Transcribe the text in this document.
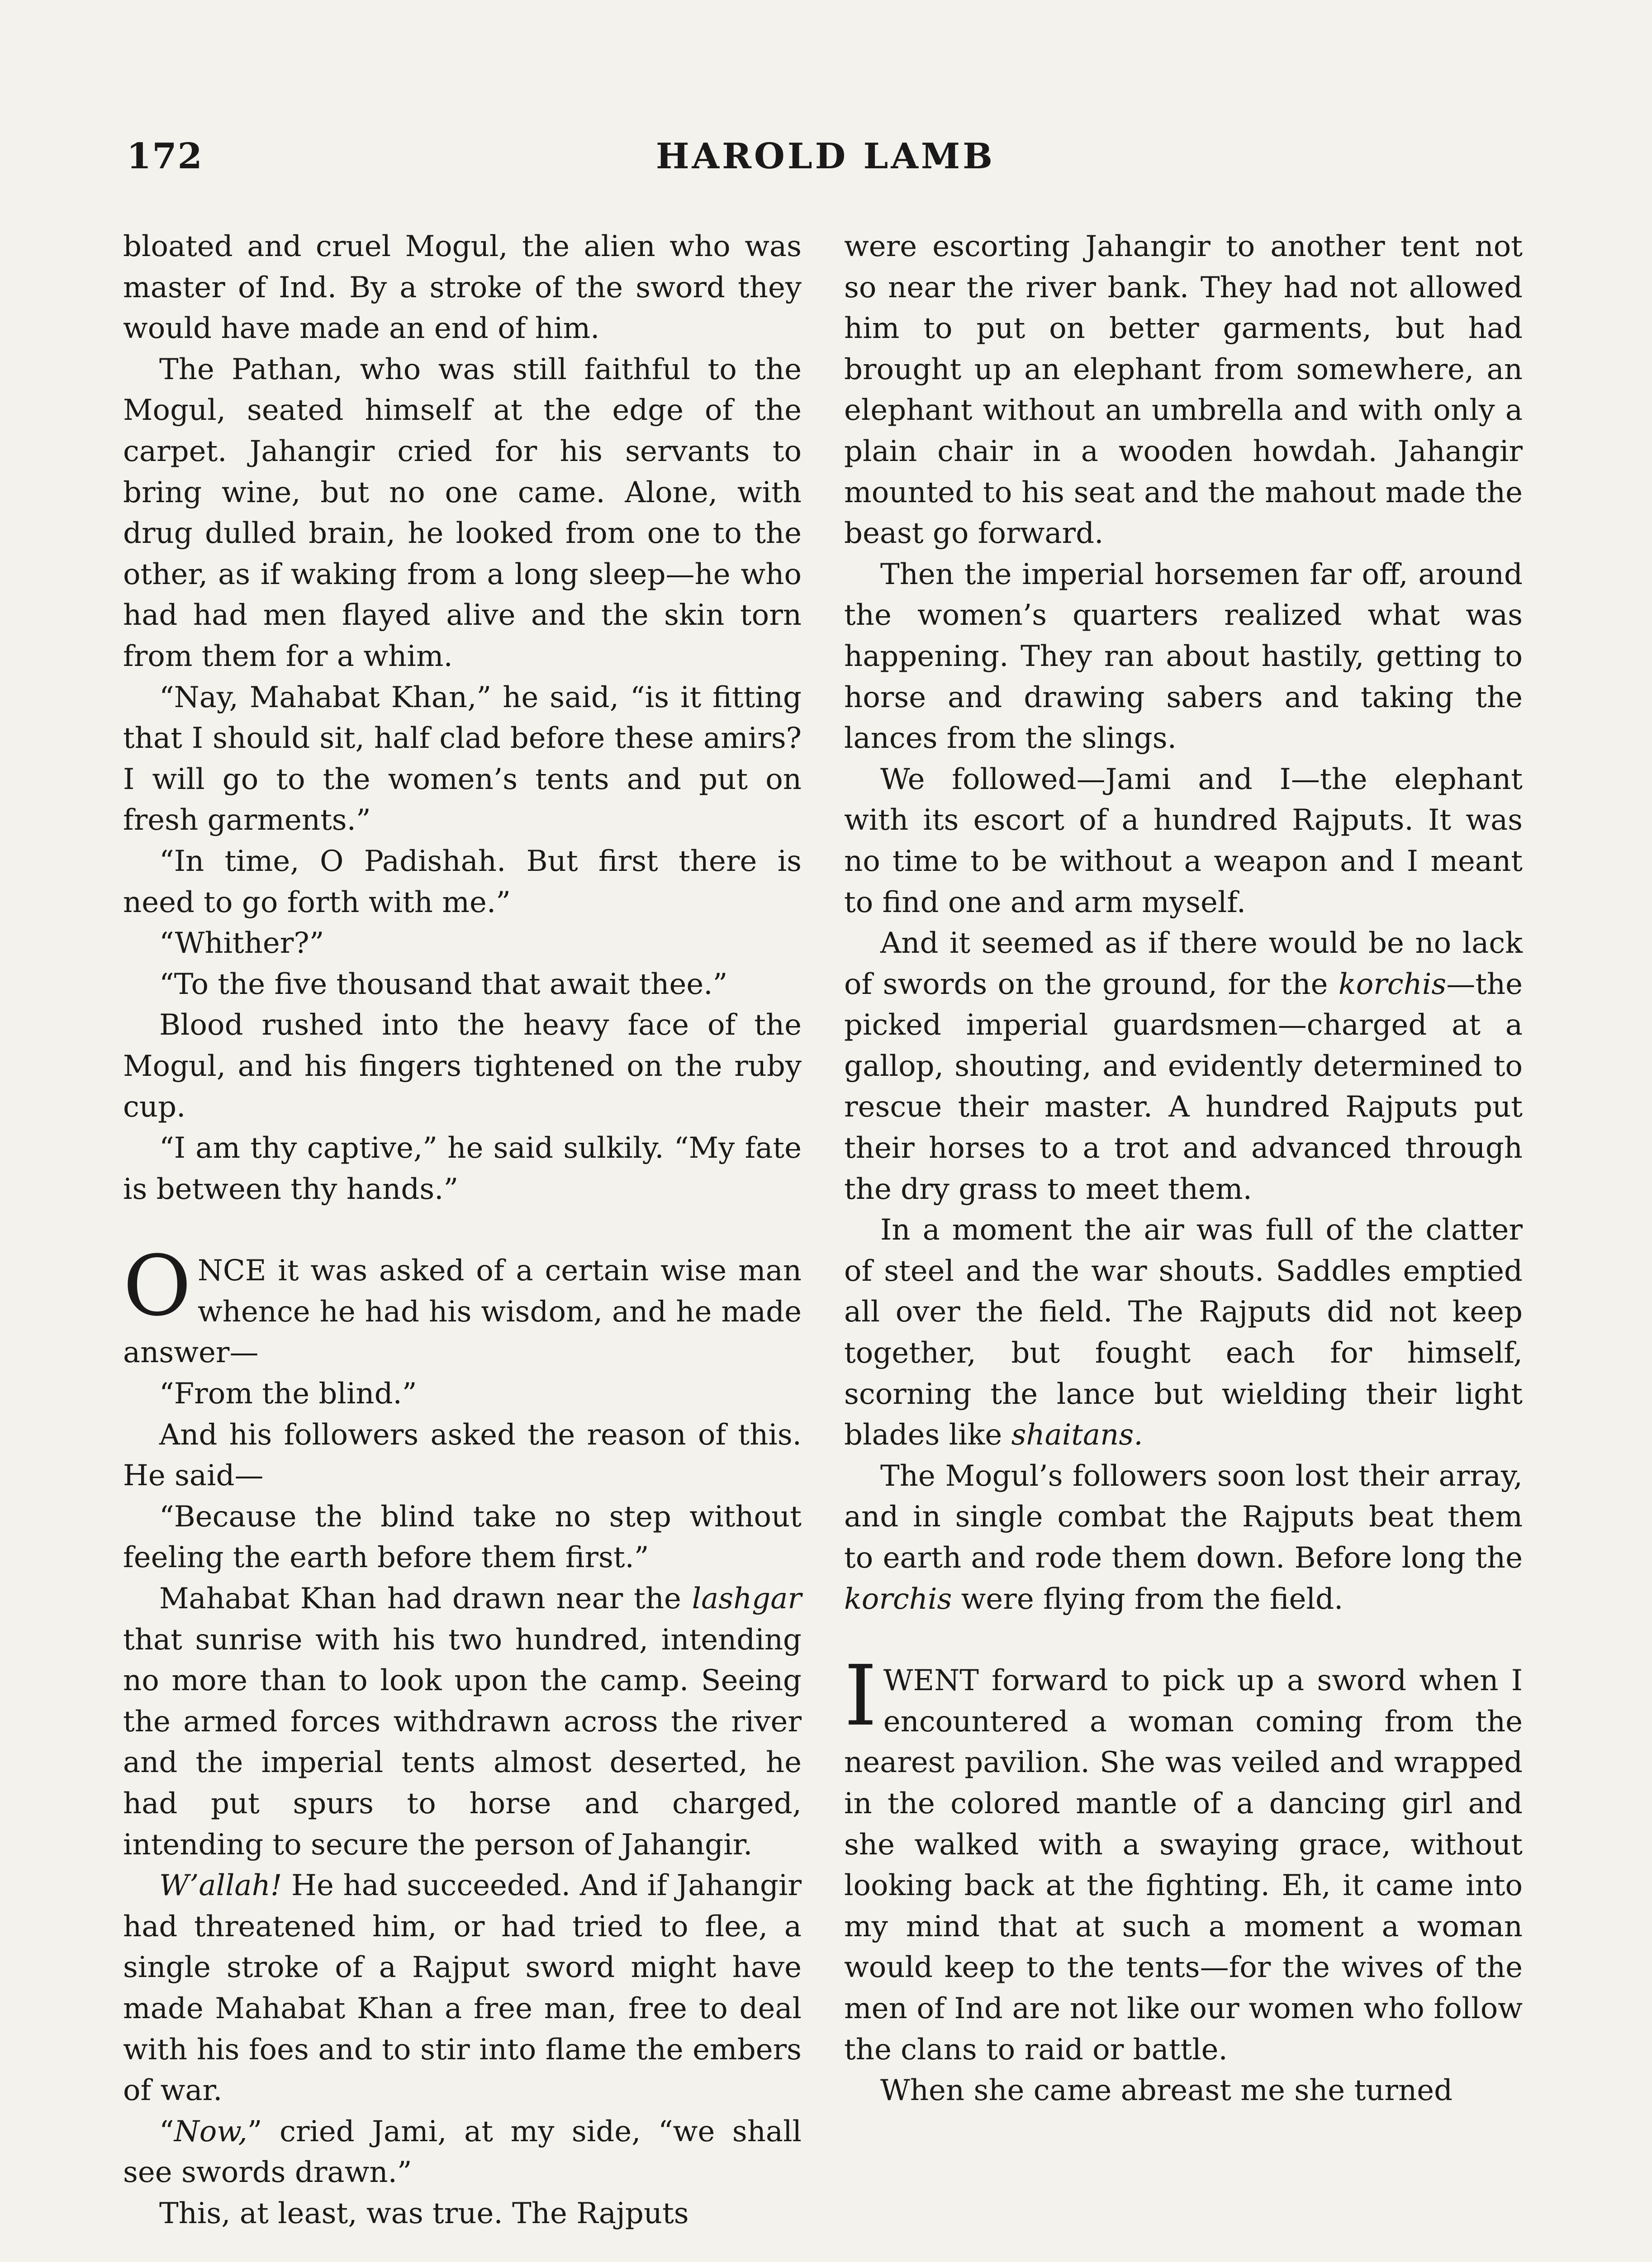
172	HAROLD LAMB

bloated and cruel Mogul, the alien who was master of Ind. By a stroke of the sword they would have made an end of him.

The Pathan, who was still faithful to the Mogul, seated himself at the edge of the carpet. Jahangir cried for his servants to bring wine, but no one came. Alone, with drug dulled brain, he looked from one to the other, as if waking from a long sleep—he who had had men flayed alive and the skin torn from them for a whim.

“Nay, Mahabat Khan,” he said, “is it fitting that I should sit, half clad before these amirs? I will go to the women’s tents and put on fresh garments.”

“In time, O Padishah. But first there is need to go forth with me.”

“Whither?”

“To the five thousand that await thee.”

Blood rushed into the heavy face of the Mogul, and his fingers tightened on the ruby cup.

“I am thy captive,” he said sulkily. “My fate is between thy hands.”

ONCE it was asked of a certain wise man whence he had his wisdom, and he made answer—

“From the blind.”

And his followers asked the reason of this. He said—

“Because the blind take no step without feeling the earth before them first.”

Mahabat Khan had drawn near the lashgar that sunrise with his two hundred, intending no more than to look upon the camp. Seeing the armed forces withdrawn across the river and the imperial tents almost deserted, he had put spurs to horse and charged, intending to secure the person of Jahangir.

W’allah! He had succeeded. And if Jahangir had threatened him, or had tried to flee, a single stroke of a Rajput sword might have made Mahabat Khan a free man, free to deal with his foes and to stir into flame the embers of war.

“Now,” cried Jami, at my side, “we shall see swords drawn.”

This, at least, was true. The Rajputs

were escorting Jahangir to another tent not so near the river bank. They had not allowed him to put on better garments, but had brought up an elephant from somewhere, an elephant without an umbrella and with only a plain chair in a wooden howdah. Jahangir mounted to his seat and the mahout made the beast go forward.

Then the imperial horsemen far off, around the women’s quarters realized what was happening. They ran about hastily, getting to horse and drawing sabers and taking the lances from the slings.

We followed—Jami and I—the elephant with its escort of a hundred Rajputs. It was no time to be without a weapon and I meant to find one and arm myself.

And it seemed as if there would be no lack of swords on the ground, for the korchis—the picked imperial guardsmen—charged at a gallop, shouting, and evidently determined to rescue their master. A hundred Rajputs put their horses to a trot and advanced through the dry grass to meet them.

In a moment the air was full of the clatter of steel and the war shouts. Saddles emptied all over the field. The Rajputs did not keep together, but fought each for himself, scorning the lance but wielding their light blades like shaitans.

The Mogul’s followers soon lost their array, and in single combat the Rajputs beat them to earth and rode them down. Before long the korchis were flying from the field.

IWENT forward to pick up a sword when I encountered a woman coming from the nearest pavilion. She was veiled and wrapped in the colored mantle of a dancing girl and she walked with a swaying grace, without looking back at the fighting. Eh, it came into my mind that at such a moment a woman would keep to the tents—for the wives of the men of Ind are not like our women who follow the clans to raid or battle.

When she came abreast me she turned
